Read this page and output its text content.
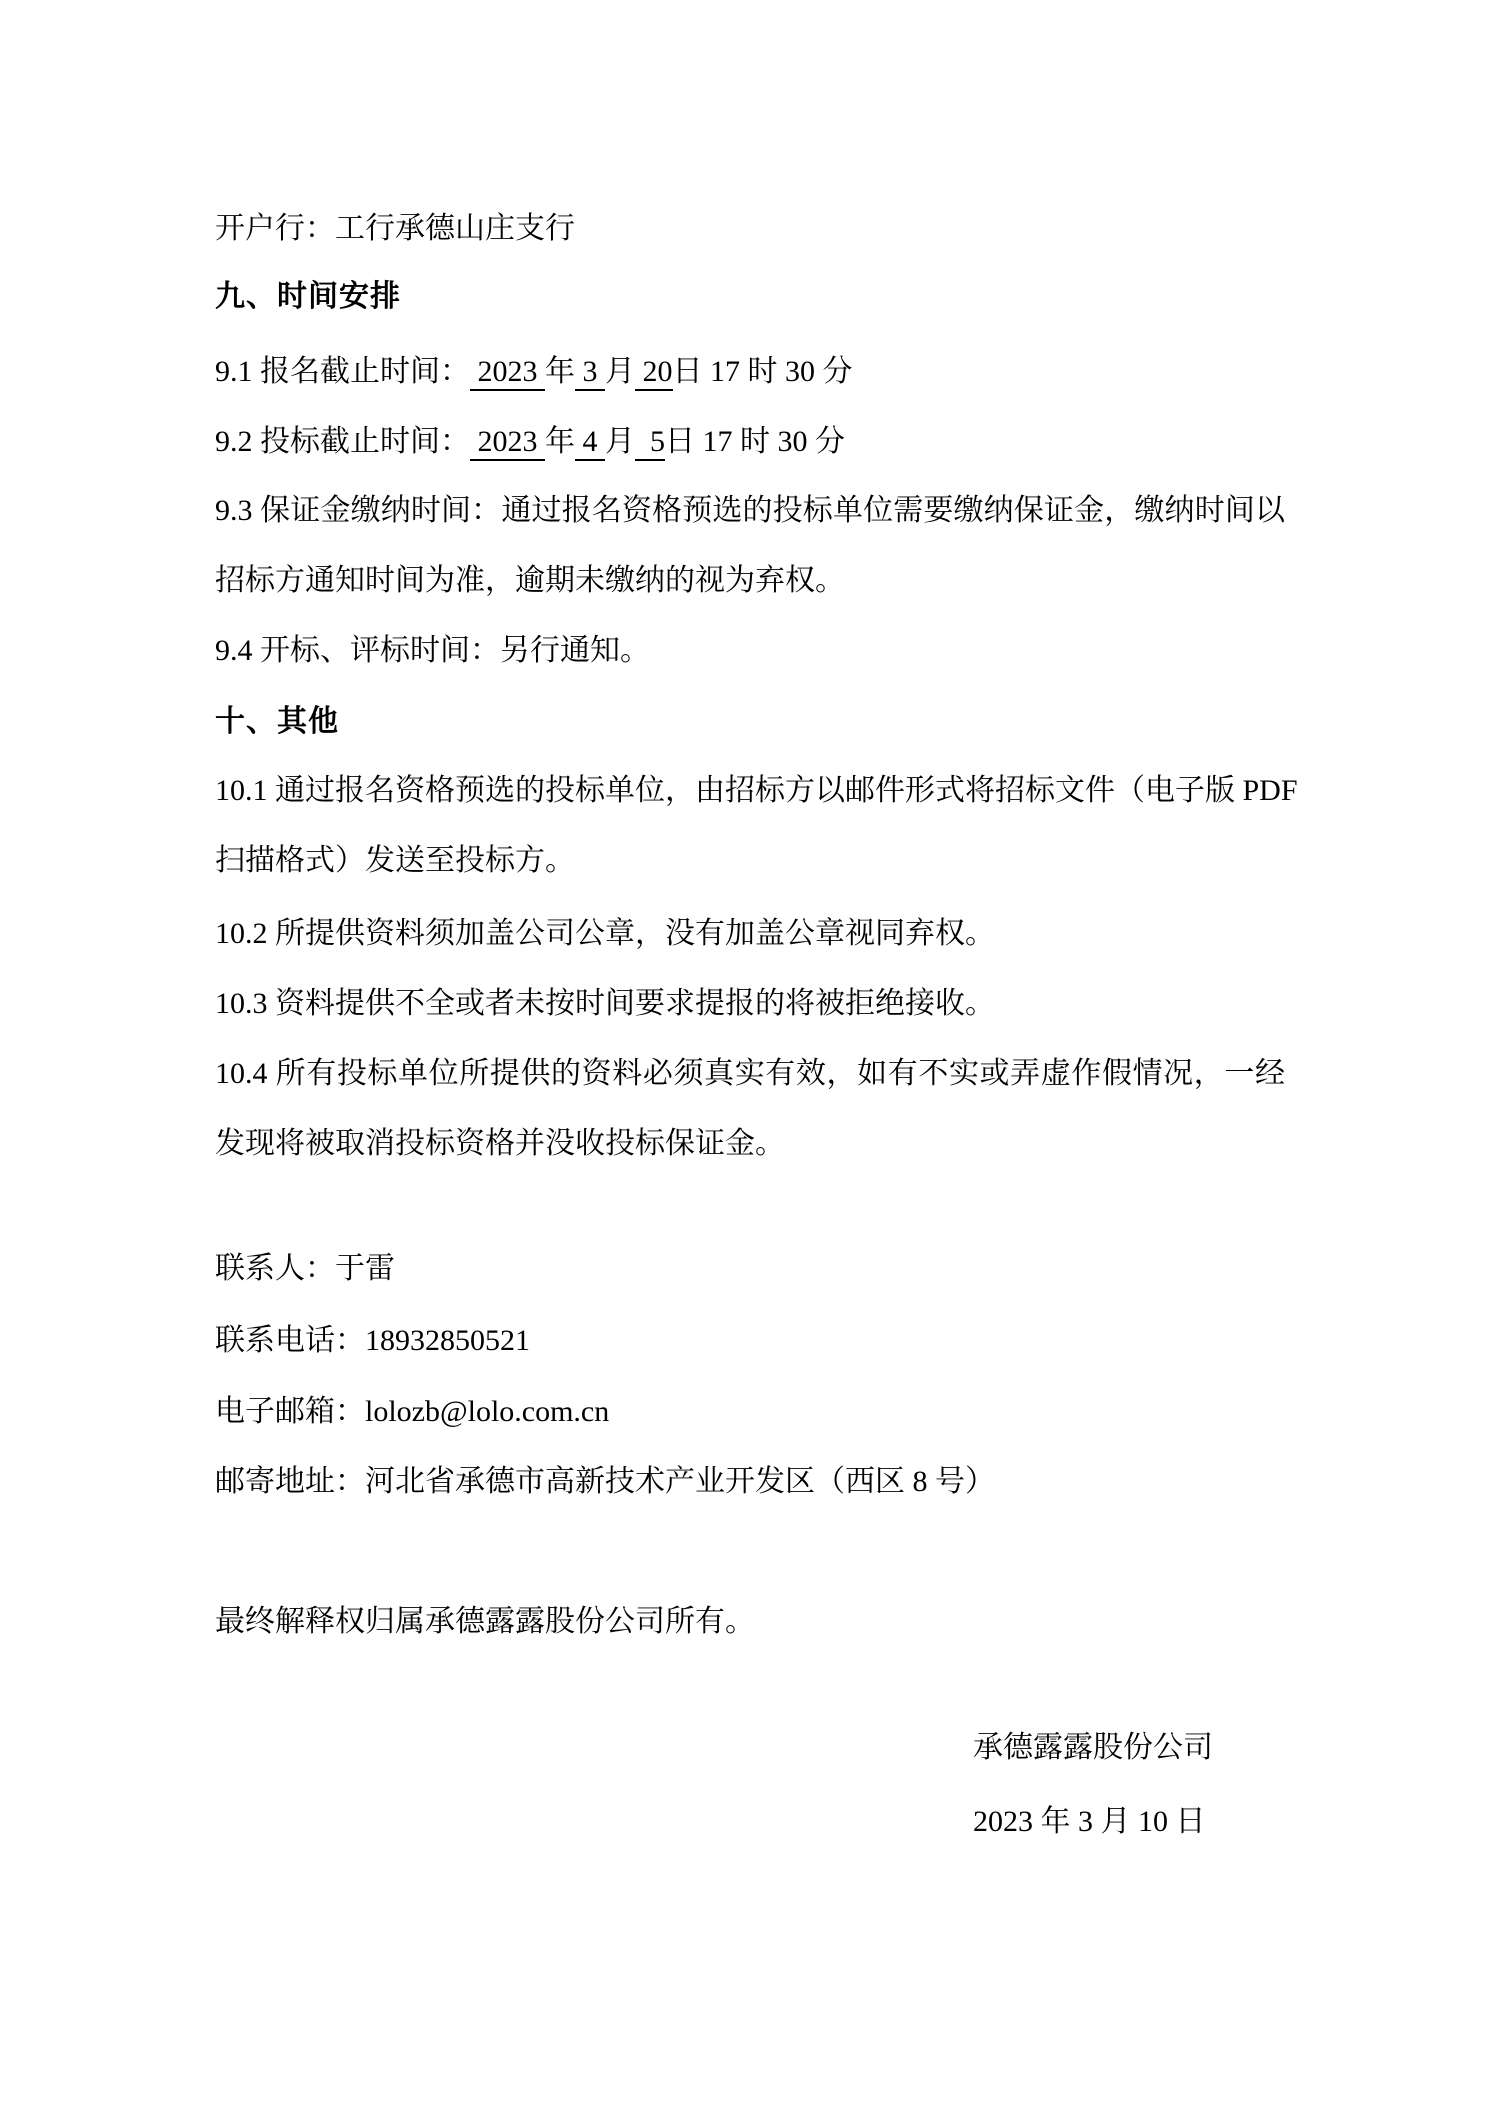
开户行：工行承德山庄支行
九、时间安排
9.1 报名截止时间： 2023 年 3 月 20日 17 时 30 分
9.2 投标截止时间： 2023 年 4 月  5日 17 时 30 分
9.3 保证金缴纳时间：通过报名资格预选的投标单位需要缴纳保证金，缴纳时间以
招标方通知时间为准，逾期未缴纳的视为弃权。
9.4 开标、评标时间：另行通知。
十、其他
10.1 通过报名资格预选的投标单位，由招标方以邮件形式将招标文件（电子版 PDF
扫描格式）发送至投标方。
10.2 所提供资料须加盖公司公章，没有加盖公章视同弃权。
10.3 资料提供不全或者未按时间要求提报的将被拒绝接收。
10.4 所有投标单位所提供的资料必须真实有效，如有不实或弄虚作假情况，一经
发现将被取消投标资格并没收投标保证金。
联系人：于雷
联系电话：18932850521
电子邮箱：lolozb@lolo.com.cn
邮寄地址：河北省承德市高新技术产业开发区（西区 8 号）
最终解释权归属承德露露股份公司所有。
承德露露股份公司
2023 年 3 月 10 日
